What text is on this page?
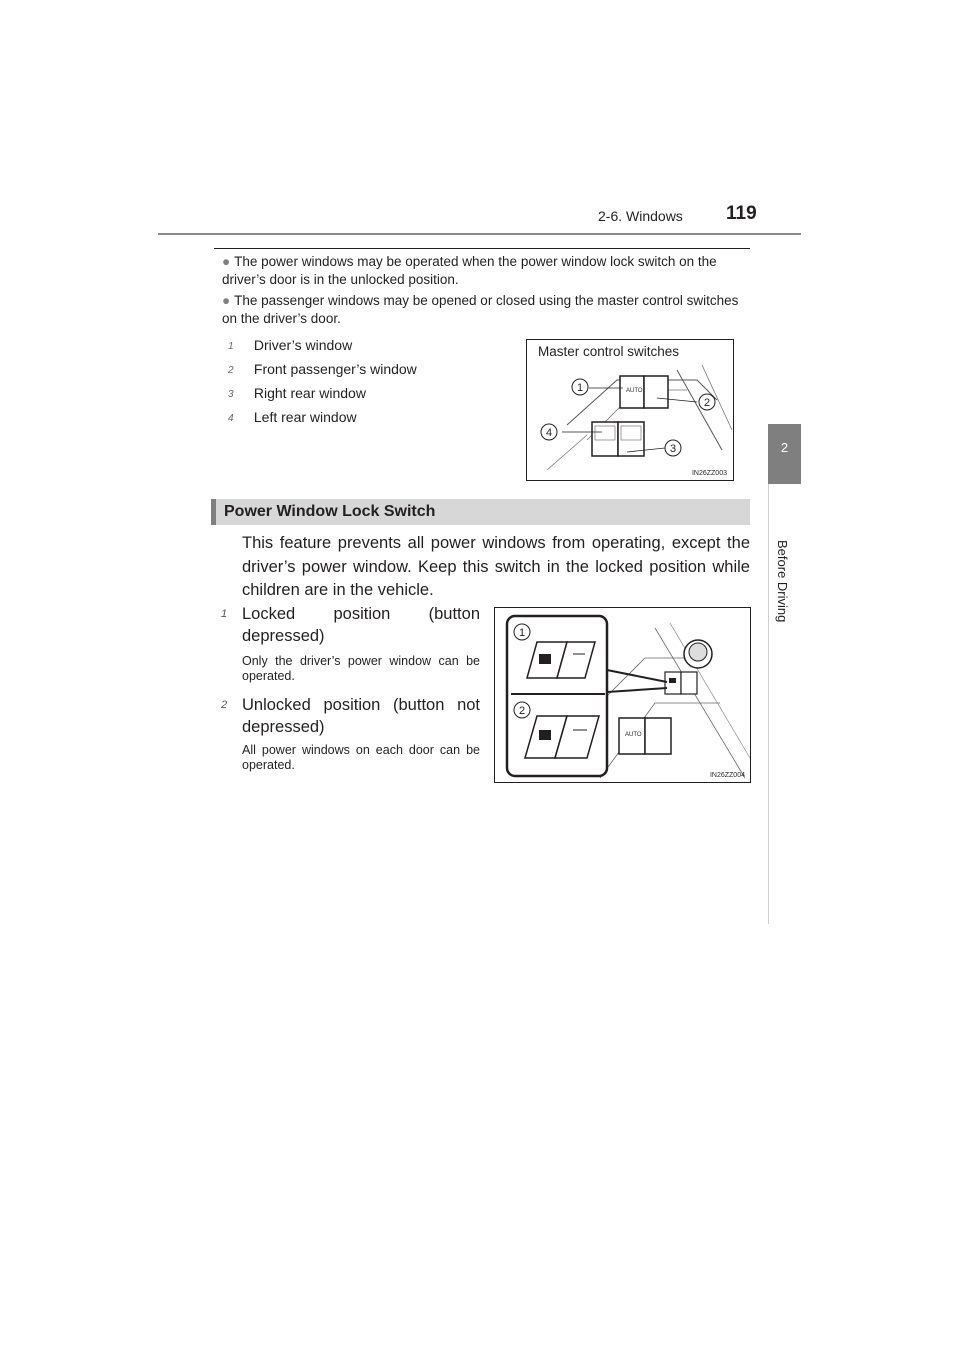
2-6. Windows 119
2
Before Driving
● The power windows may be operated when the power window lock switch on the driver’s door is in the unlocked position.
● The passenger windows may be opened or closed using the master control switches on the driver’s door.
1 Driver’s window
2 Front passenger’s window
3 Right rear window
4 Left rear window
AUTO
1
2
3
4
Master control switches
IN26ZZ003
Power Window Lock Switch
This feature prevents all power windows from operating, except the driver’s power window. Keep this switch in the locked position while children are in the vehicle.
1 Locked position (button depressed)
Only the driver’s power window can be operated.
2 Unlocked position (button not depressed)
All power windows on each door can be operated.
AUTO
1
2
IN26ZZ004
